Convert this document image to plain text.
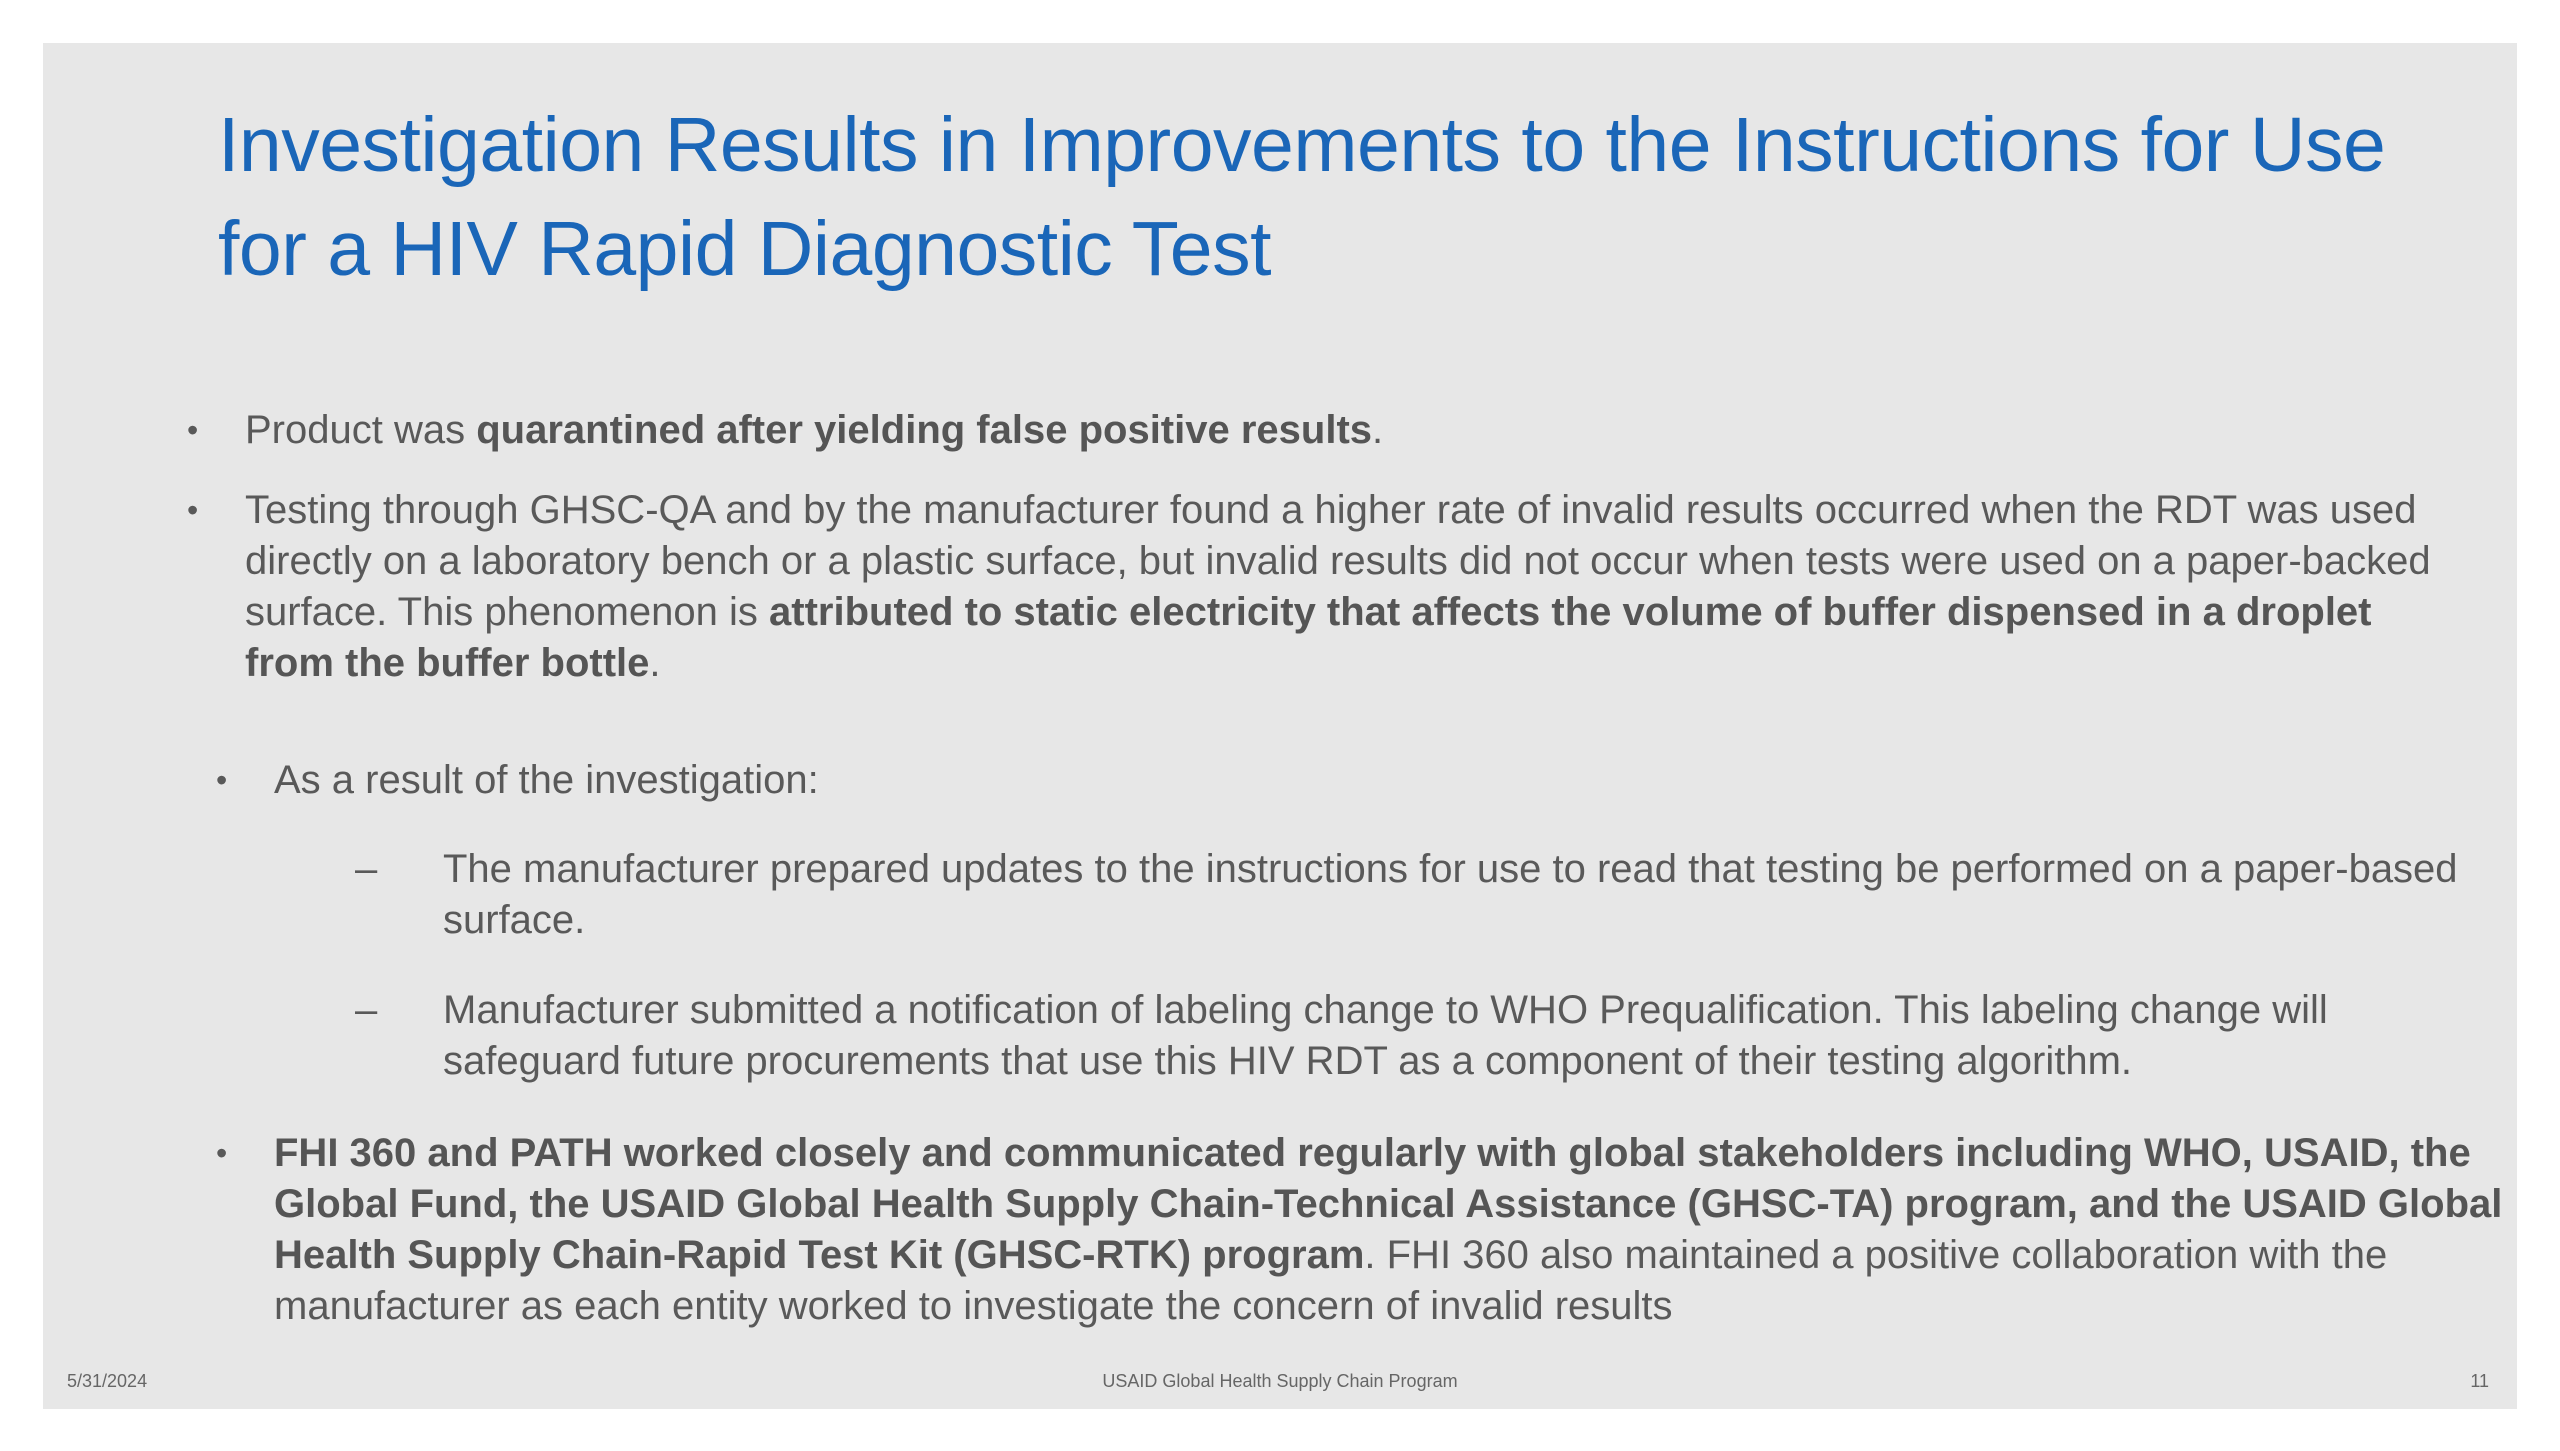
Investigation Results in Improvements to the Instructions for Use for a HIV Rapid Diagnostic Test

• Product was quarantined after yielding false positive results.

• Testing through GHSC-QA and by the manufacturer found a higher rate of invalid results occurred when the RDT was used directly on a laboratory bench or a plastic surface, but invalid results did not occur when tests were used on a paper-backed surface. This phenomenon is attributed to static electricity that affects the volume of buffer dispensed in a droplet from the buffer bottle.

• As a result of the investigation:

– The manufacturer prepared updates to the instructions for use to read that testing be performed on a paper-based surface.

– Manufacturer submitted a notification of labeling change to WHO Prequalification. This labeling change will safeguard future procurements that use this HIV RDT as a component of their testing algorithm.

• FHI 360 and PATH worked closely and communicated regularly with global stakeholders including WHO, USAID, the Global Fund, the USAID Global Health Supply Chain-Technical Assistance (GHSC-TA) program, and the USAID Global Health Supply Chain-Rapid Test Kit (GHSC-RTK) program. FHI 360 also maintained a positive collaboration with the manufacturer as each entity worked to investigate the concern of invalid results

5/31/2024	USAID Global Health Supply Chain Program	11
